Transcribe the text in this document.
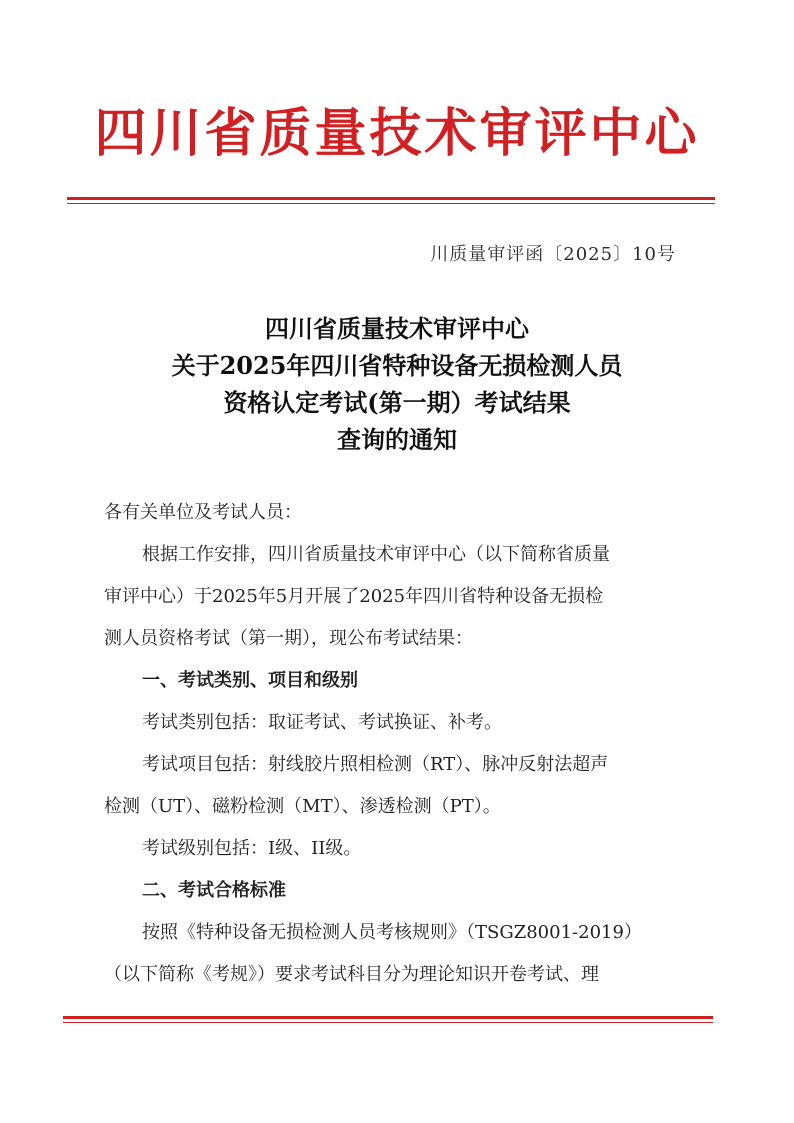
四川省质量技术审评中心
川质量审评函〔2025〕10号
四川省质量技术审评中心
关于2025年四川省特种设备无损检测人员
资格认定考试(第一期）考试结果
查询的通知
各有关单位及考试人员：
根据工作安排，四川省质量技术审评中心（以下简称省质量
审评中心）于2025年5月开展了2025年四川省特种设备无损检
测人员资格考试（第一期），现公布考试结果：
一、考试类别、项目和级别
考试类别包括：取证考试、考试换证、补考。
考试项目包括：射线胶片照相检测（RT）、脉冲反射法超声
检测（UT）、磁粉检测（MT）、渗透检测（PT）。
考试级别包括：I级、II级。
二、考试合格标准
按照《特种设备无损检测人员考核规则》（TSGZ8001-2019）
（以下简称《考规》）要求考试科目分为理论知识开卷考试、理
